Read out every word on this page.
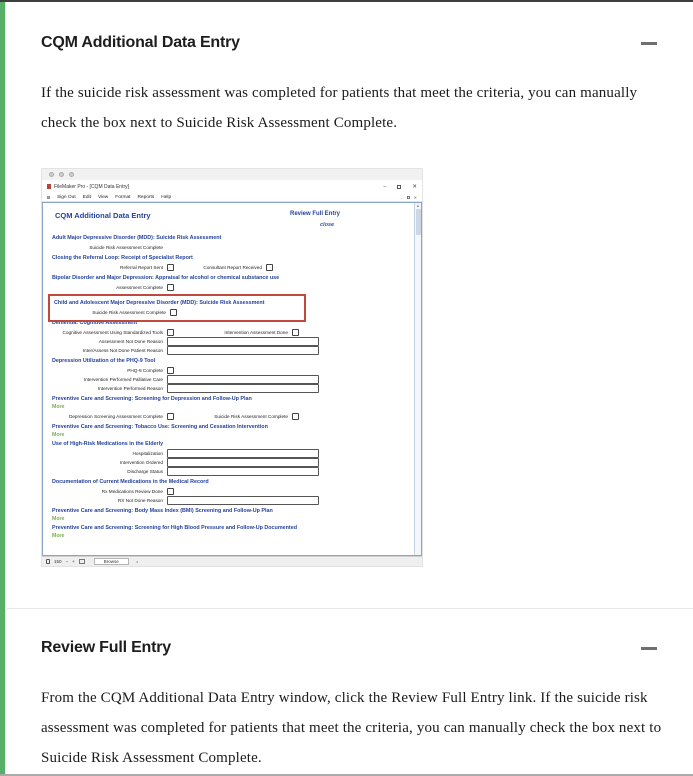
CQM Additional Data Entry

If the suicide risk assessment was completed for patients that meet the criteria, you can manually check the box next to Suicide Risk Assessment Complete.

FileMaker Pro - [CQM Data Entry]	–	✕
Sign Out Edit View Format Reports Help	–	✕
▲
CQM Additional Data Entry	Review Full Entry
close
Adult Major Depressive Disorder (MDD): Suicide Risk Assessment
Suicide Risk Assessment Complete
Closing the Referral Loop: Receipt of Specialist Report
Referral Report Sent	Consultant Report Received
Bipolar Disorder and Major Depression: Appraisal for alcohol or chemical substance use
Assessment Complete
Child and Adolescent Major Depressive Disorder (MDD): Suicide Risk Assessment
Suicide Risk Assessment Complete
Dementia: Cognitive Assessment
Cognitive Assessment Using Standardized Tools	Intervention Assessment Done
Assessment Not Done Reason
Inter/Assess Not Done Patient Reason
Depression Utilization of the PHQ-9 Tool
PHQ-9 Complete
Intervention Performed Palliative Care
Intervention Performed Reason
Preventive Care and Screening: Screening for Depression and Follow-Up Plan
More
Depression Screening Assessment Complete	Suicide Risk Assessment Complete
Preventive Care and Screening: Tobacco Use: Screening and Cessation Intervention
More
Use of High-Risk Medications in the Elderly
Hospitalization
Intervention Ordered
Discharge Status
Documentation of Current Medications in the Medical Record
Rx Medications Review Done
RX Not Done Reason
Preventive Care and Screening: Body Mass Index (BMI) Screening and Follow-Up Plan
More
Preventive Care and Screening: Screening for High Blood Pressure and Follow-Up Documented
More
150 − +	Browse	◂
Review Full Entry

From the CQM Additional Data Entry window, click the Review Full Entry link. If the suicide risk assessment was completed for patients that meet the criteria, you can manually check the box next to Suicide Risk Assessment Complete.
